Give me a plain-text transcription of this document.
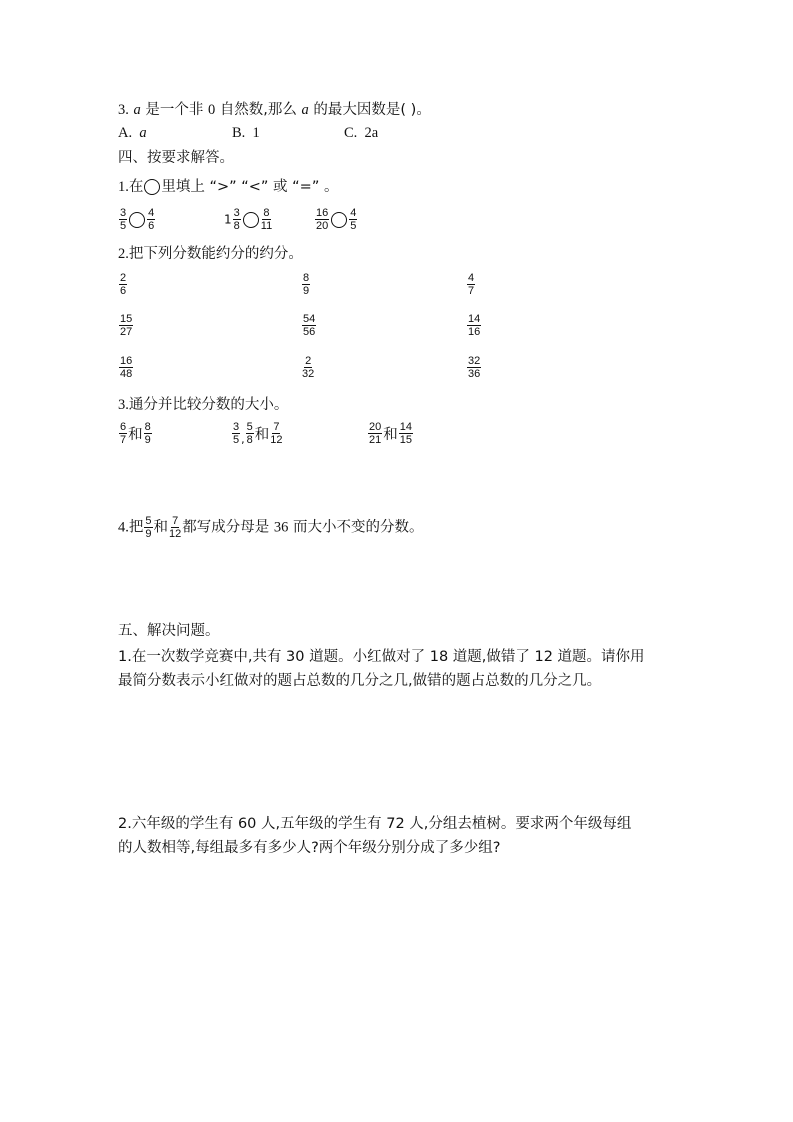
3. a 是一个非 0 自然数,那么 a 的最大因数是( )。
A. a	B. 1	C. 2a
四、按要求解答。
1.在 里填上 “>” “<” 或 “=” 。
2.把下列分数能约分的约分。
3.通分并比较分数的大小。
4.把 $\frac{5}{9}$ 和 $\frac{7}{12}$ 都写成分母是 36 而大小不变的分数。
五、解决问题。
1.在一次数学竞赛中,共有 30 道题。小红做对了 18 道题,做错了 12 道题。请你用
最简分数表示小红做对的题占总数的几分之几,做错的题占总数的几分之几。
2.六年级的学生有 60 人,五年级的学生有 72 人,分组去植树。要求两个年级每组
的人数相等,每组最多有多少人?两个年级分别分成了多少组?
$\frac{3}{5} \frac{4}{6}$	$1 \frac{3}{8} \frac{8}{11}$	$\frac{16}{20} \frac{4}{5}$
$\frac{2}{6}$	$\frac{8}{9}$	$\frac{4}{7}$
$\frac{15}{27}$	$\frac{54}{56}$	$\frac{14}{16}$
$\frac{16}{48}$	$\frac{2}{32}$	$\frac{32}{36}$
$\frac{6}{7}$ 和 $\frac{8}{9}$	$\frac{3}{5}$ , $\frac{5}{8}$ 和 $\frac{7}{12}$	$\frac{20}{21}$ 和 $\frac{14}{15}$
